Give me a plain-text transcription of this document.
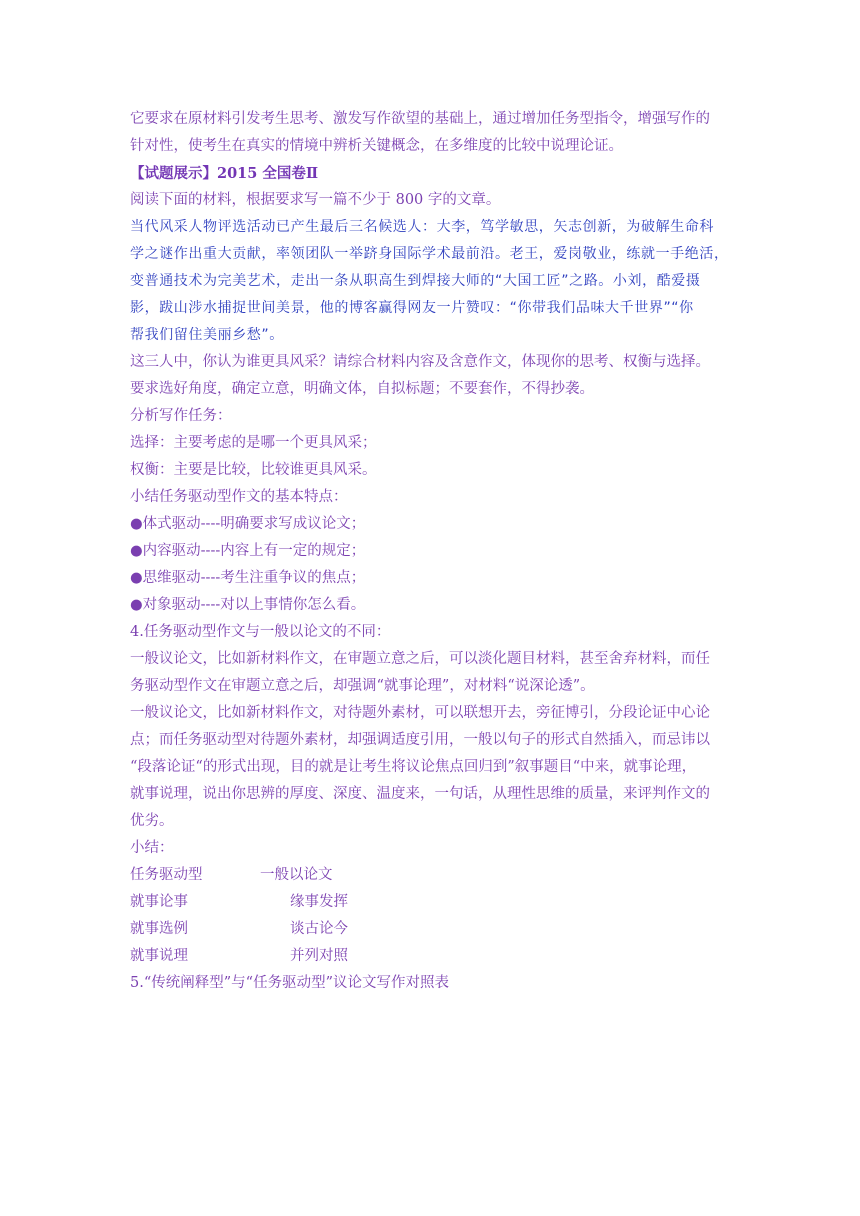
它要求在原材料引发考生思考、激发写作欲望的基础上，通过增加任务型指令，增强写作的
针对性，使考生在真实的情境中辨析关键概念，在多维度的比较中说理论证。
【试题展示】2015 全国卷Ⅱ
阅读下面的材料，根据要求写一篇不少于 800 字的文章。
当代风采人物评选活动已产生最后三名候选人：大李，笃学敏思，矢志创新，为破解生命科
学之谜作出重大贡献，率领团队一举跻身国际学术最前沿。老王，爱岗敬业，练就一手绝活，
变普通技术为完美艺术，走出一条从职高生到焊接大师的“大国工匠”之路。小刘，酷爱摄
影，跋山涉水捕捉世间美景，他的博客赢得网友一片赞叹：“你带我们品味大千世界”“你
帮我们留住美丽乡愁”。
这三人中，你认为谁更具风采？请综合材料内容及含意作文，体现你的思考、权衡与选择。
要求选好角度，确定立意，明确文体，自拟标题；不要套作，不得抄袭。
分析写作任务：
选择：主要考虑的是哪一个更具风采；
权衡：主要是比较，比较谁更具风采。
小结任务驱动型作文的基本特点：
●体式驱动----明确要求写成议论文；
●内容驱动----内容上有一定的规定；
●思维驱动----考生注重争议的焦点；
●对象驱动----对以上事情你怎么看。
4.任务驱动型作文与一般以论文的不同：
一般议论文，比如新材料作文，在审题立意之后，可以淡化题目材料，甚至舍弃材料，而任
务驱动型作文在审题立意之后，却强调“就事论理”，对材料“说深论透”。
一般议论文，比如新材料作文，对待题外素材，可以联想开去，旁征博引，分段论证中心论
点；而任务驱动型对待题外素材，却强调适度引用，一般以句子的形式自然插入，而忌讳以
“段落论证“的形式出现，目的就是让考生将议论焦点回归到”叙事题目“中来，就事论理，
就事说理，说出你思辨的厚度、深度、温度来，一句话，从理性思维的质量，来评判作文的
优劣。
小结：
任务驱动型	一般以论文
就事论事	缘事发挥
就事选例	谈古论今
就事说理	并列对照
5.“传统阐释型”与“任务驱动型”议论文写作对照表
